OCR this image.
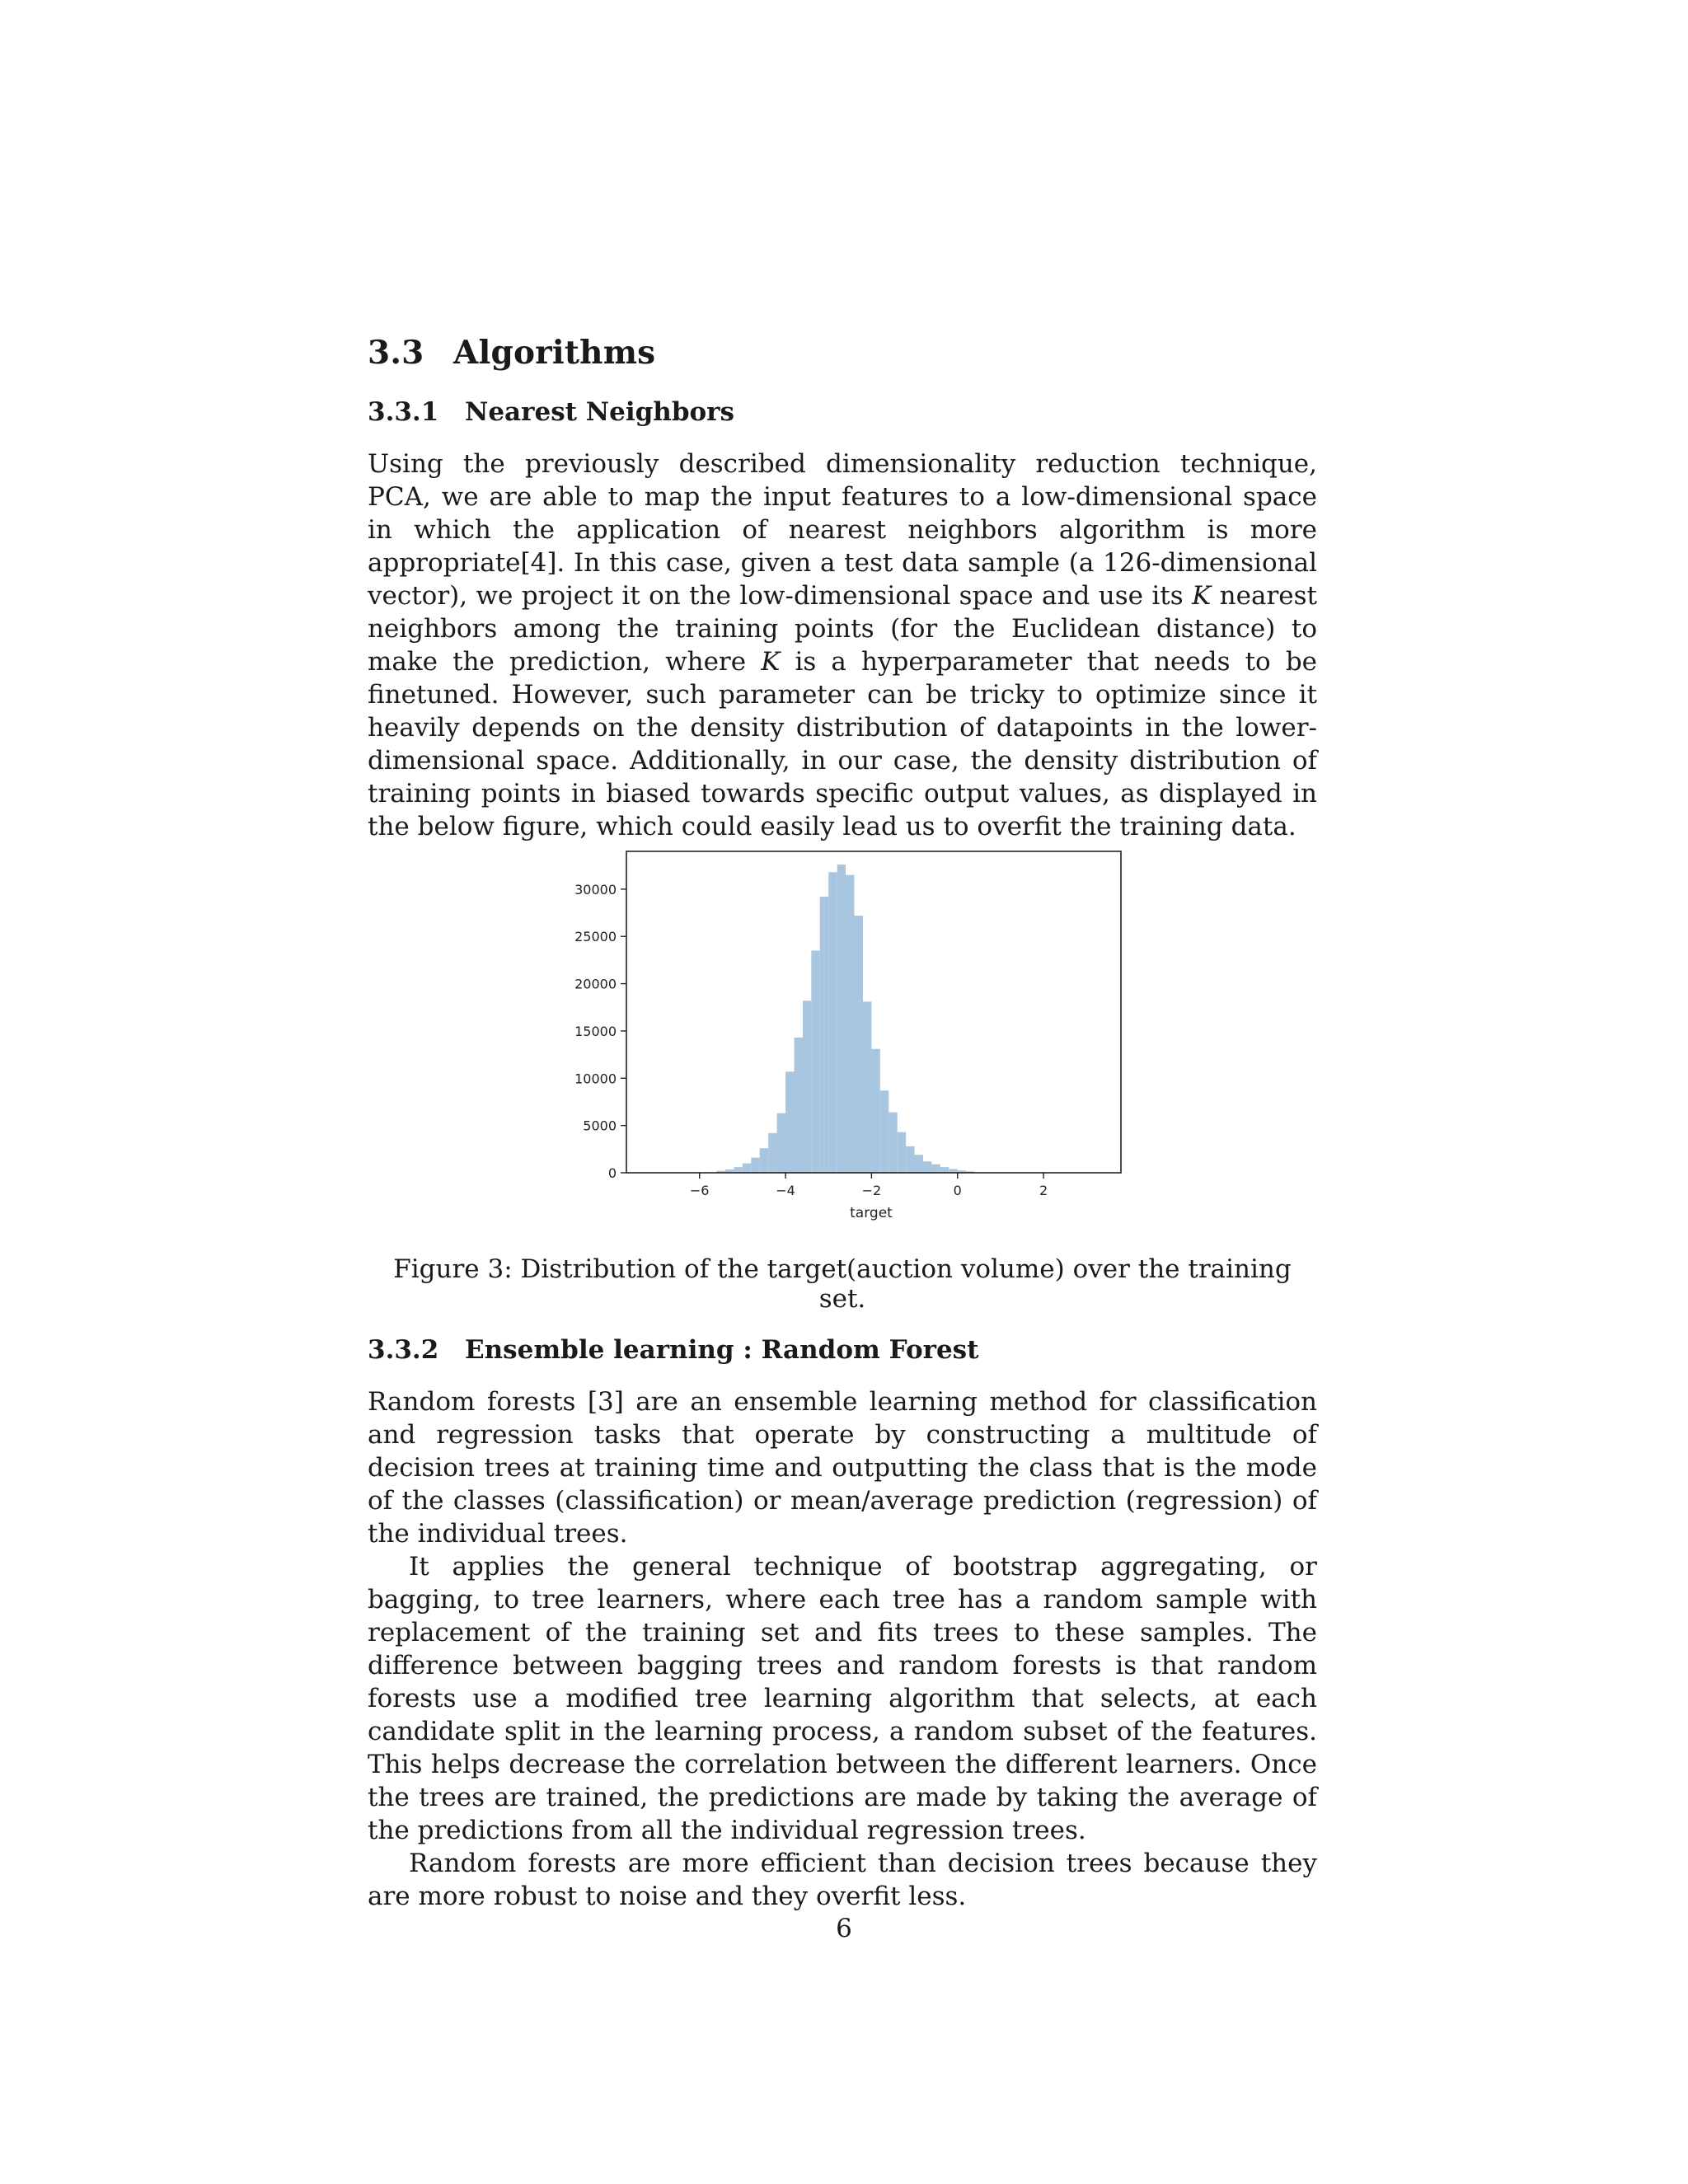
3.3 Algorithms
3.3.1 Nearest Neighbors

Using the previously described dimensionality reduction technique, PCA, we are able to map the input features to a low-dimensional space in which the application of nearest neighbors algorithm is more appropriate[4]. In this case, given a test data sample (a 126-dimensional vector), we project it on the low-dimensional space and use its K nearest neighbors among the training points (for the Euclidean distance) to make the prediction, where K is a hyperparameter that needs to be finetuned. However, such parameter can be tricky to optimize since it heavily depends on the density distribution of datapoints in the lower-dimensional space. Additionally, in our case, the density distribution of training points in biased towards specific output values, as displayed in the below figure, which could easily lead us to overfit the training data.

0
5000
10000
15000
20000
25000
30000
−6	−4	−2	0	2
target
Figure 3: Distribution of the target(auction volume) over the training set.
3.3.2 Ensemble learning : Random Forest

Random forests [3] are an ensemble learning method for classification and regression tasks that operate by constructing a multitude of decision trees at training time and outputting the class that is the mode of the classes (classification) or mean/average prediction (regression) of the individual trees.

It applies the general technique of bootstrap aggregating, or bagging, to tree learners, where each tree has a random sample with replacement of the training set and fits trees to these samples. The difference between bagging trees and random forests is that random forests use a modified tree learning algorithm that selects, at each candidate split in the learning process, a random subset of the features. This helps decrease the correlation between the different learners. Once the trees are trained, the predictions are made by taking the average of the predictions from all the individual regression trees.

Random forests are more efficient than decision trees because they are more robust to noise and they overfit less.

6
